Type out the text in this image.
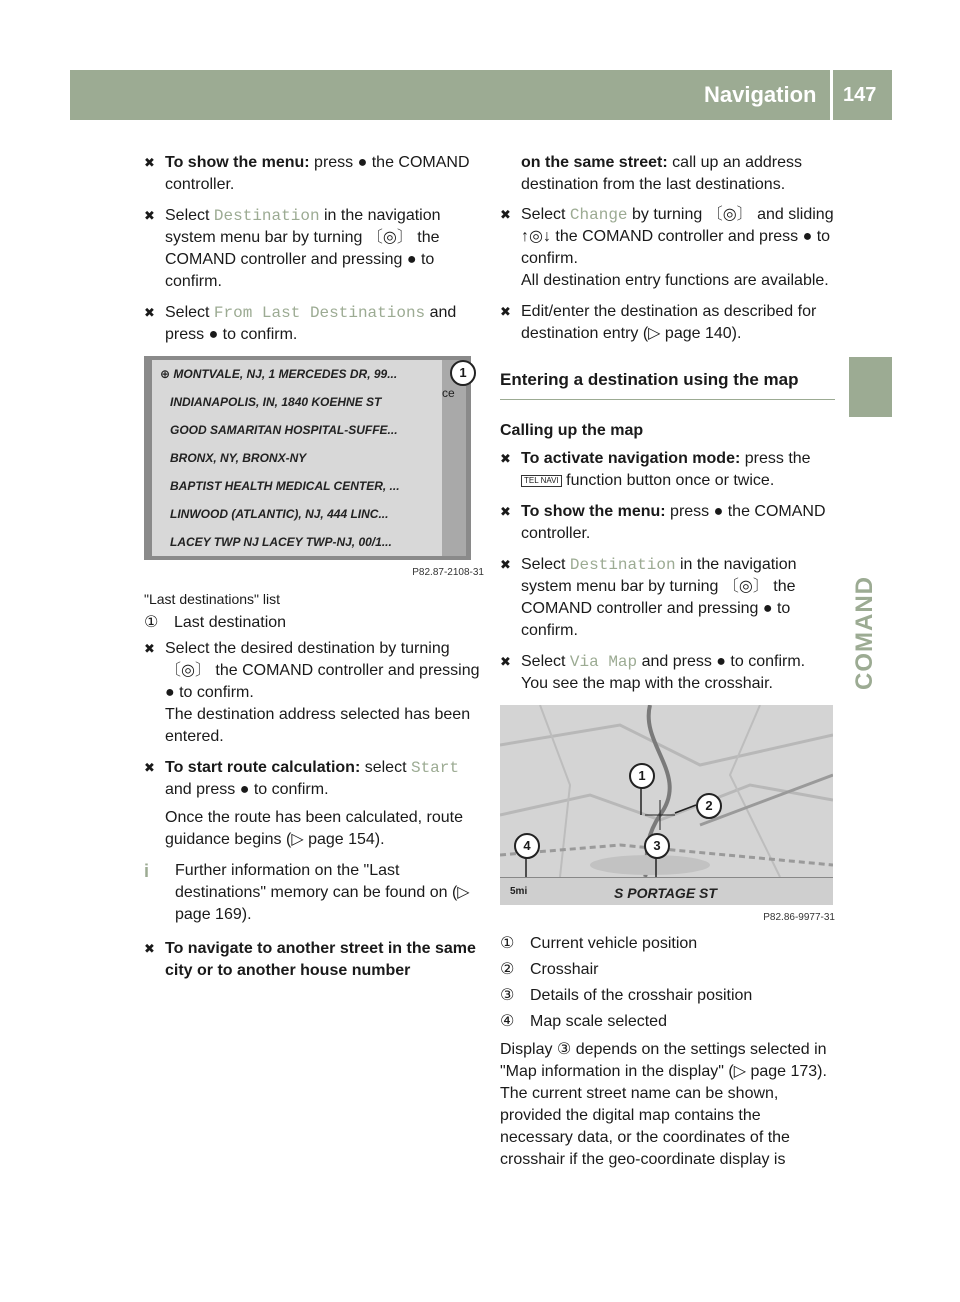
Navigation 147
COMAND
✖ To show the menu: press ● the COMAND controller.
✖ Select Destination in the navigation system menu bar by turning 〔◎〕 the COMAND controller and pressing ● to confirm.
✖ Select From Last Destinations and press ● to confirm.
⊕ MONTVALE, NJ, 1 MERCEDES DR, 99...
INDIANAPOLIS, IN, 1840 KOEHNE ST
GOOD SAMARITAN HOSPITAL-SUFFE...
BRONX, NY, BRONX-NY
BAPTIST HEALTH MEDICAL CENTER, ...
LINWOOD (ATLANTIC), NJ, 444 LINC...
LACEY TWP NJ LACEY TWP-NJ, 00/1...
ce
1
P82.87-2108-31
"Last destinations" list
① Last destination
✖ Select the desired destination by turning 〔◎〕 the COMAND controller and pressing ● to confirm.
The destination address selected has been entered.
✖ To start route calculation: select Start and press ● to confirm.
Once the route has been calculated, route guidance begins (▷ page 154).
i Further information on the "Last destinations" memory can be found on (▷ page 169).
✖ To navigate to another street in the same city or to another house number
on the same street: call up an address destination from the last destinations.
✖ Select Change by turning 〔◎〕 and sliding ↑◎↓ the COMAND controller and press ● to confirm.
All destination entry functions are available.
✖ Edit/enter the destination as described for destination entry (▷ page 140).
Entering a destination using the map
Calling up the map
✖ To activate navigation mode: press the TEL NAVI function button once or twice.
✖ To show the menu: press ● the COMAND controller.
✖ Select Destination in the navigation system menu bar by turning 〔◎〕 the COMAND controller and pressing ● to confirm.
✖ Select Via Map and press ● to confirm.
You see the map with the crosshair.
5mi	S PORTAGE ST
1
2
3
4
P82.86-9977-31
① Current vehicle position
② Crosshair
③ Details of the crosshair position
④ Map scale selected
Display ③ depends on the settings selected in "Map information in the display" (▷ page 173). The current street name can be shown, provided the digital map contains the necessary data, or the coordinates of the crosshair if the geo-coordinate display is
